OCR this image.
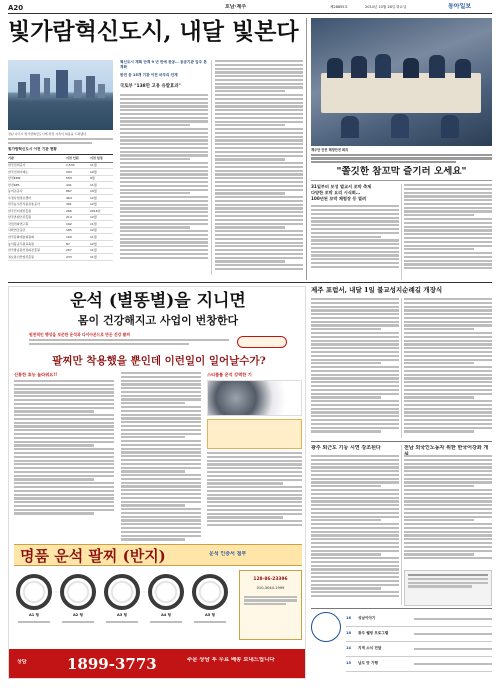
A20	호남·제주	제28855호	2014년 10월 28일 화요일	동아일보
빛가람혁신도시, 내달 빛본다
전남 나주시 빛가람혁신도시에 한전 사옥이 위용을 드러냈다
빛가람혁신도시 이전 기관 현황
기관	이전 인원	이전 일정
한국전력공사	1,530	11월
한국전력거래소	293	10월
한전KDN	593	9월
한전KPS	441	11월
농어촌공사	867	10월
우정사업정보센터	464	12월
한국농수산식품유통공사	391	12월
한국인터넷진흥원	266	2016년
한국콘텐츠진흥원	214	12월
국립전파연구원	162	11월
사학연금공단	185	12월
한국문화예술위원회	100	11월
농식품공무원교육원	87	12월
한국방송통신전파진흥원	297	11월
정보통신산업진흥원	233	11월
혁신도시 계획 단계 9 년 만에 완공… 공공기관 입주 본격화
한전 등 15개 기관 이전 마무리 단계
국토부 "138만 고용 유발효과"
제주안 안전 해양안전 회의
"쫄깃한 참꼬막 즐기러 오세요"
31일부터 보성 벌교서 꼬막 축제
다양한 꼬막 요리 시식회…
100년된 꼬막 체험장 등 열려
운석 (별똥별)을 지니면
몸이 건강해지고 사업이 번창한다
원천적인 행성을 보존한 운석과 다이아몬드로 만든 건강 팔찌
팔찌만 착용했을 뿐인데 이런일이 일어날수가?
신통한 효능 놀라워요!!	스티플틀 운석 강력한 기
명품 운석 팔찌 (반지)	운석 인증서 첨부
A1 형	A2 형	A3 형	A4 형	A5 형
128-86-23396
010-3044-1999
상담	1899-3773	주문 상담 후 무료 배송 보내드립니다
제주 포럼서, 내달 1일 불교성지순례길 개장식
광주 퇴근도 기능 시연 강조된다	전남 외국인노동자 위한 한국어강좌 개
16	성남이야기
18	광주 웰빙 프로그램
14	지역 소식 전달
15	남도 맛 기행
